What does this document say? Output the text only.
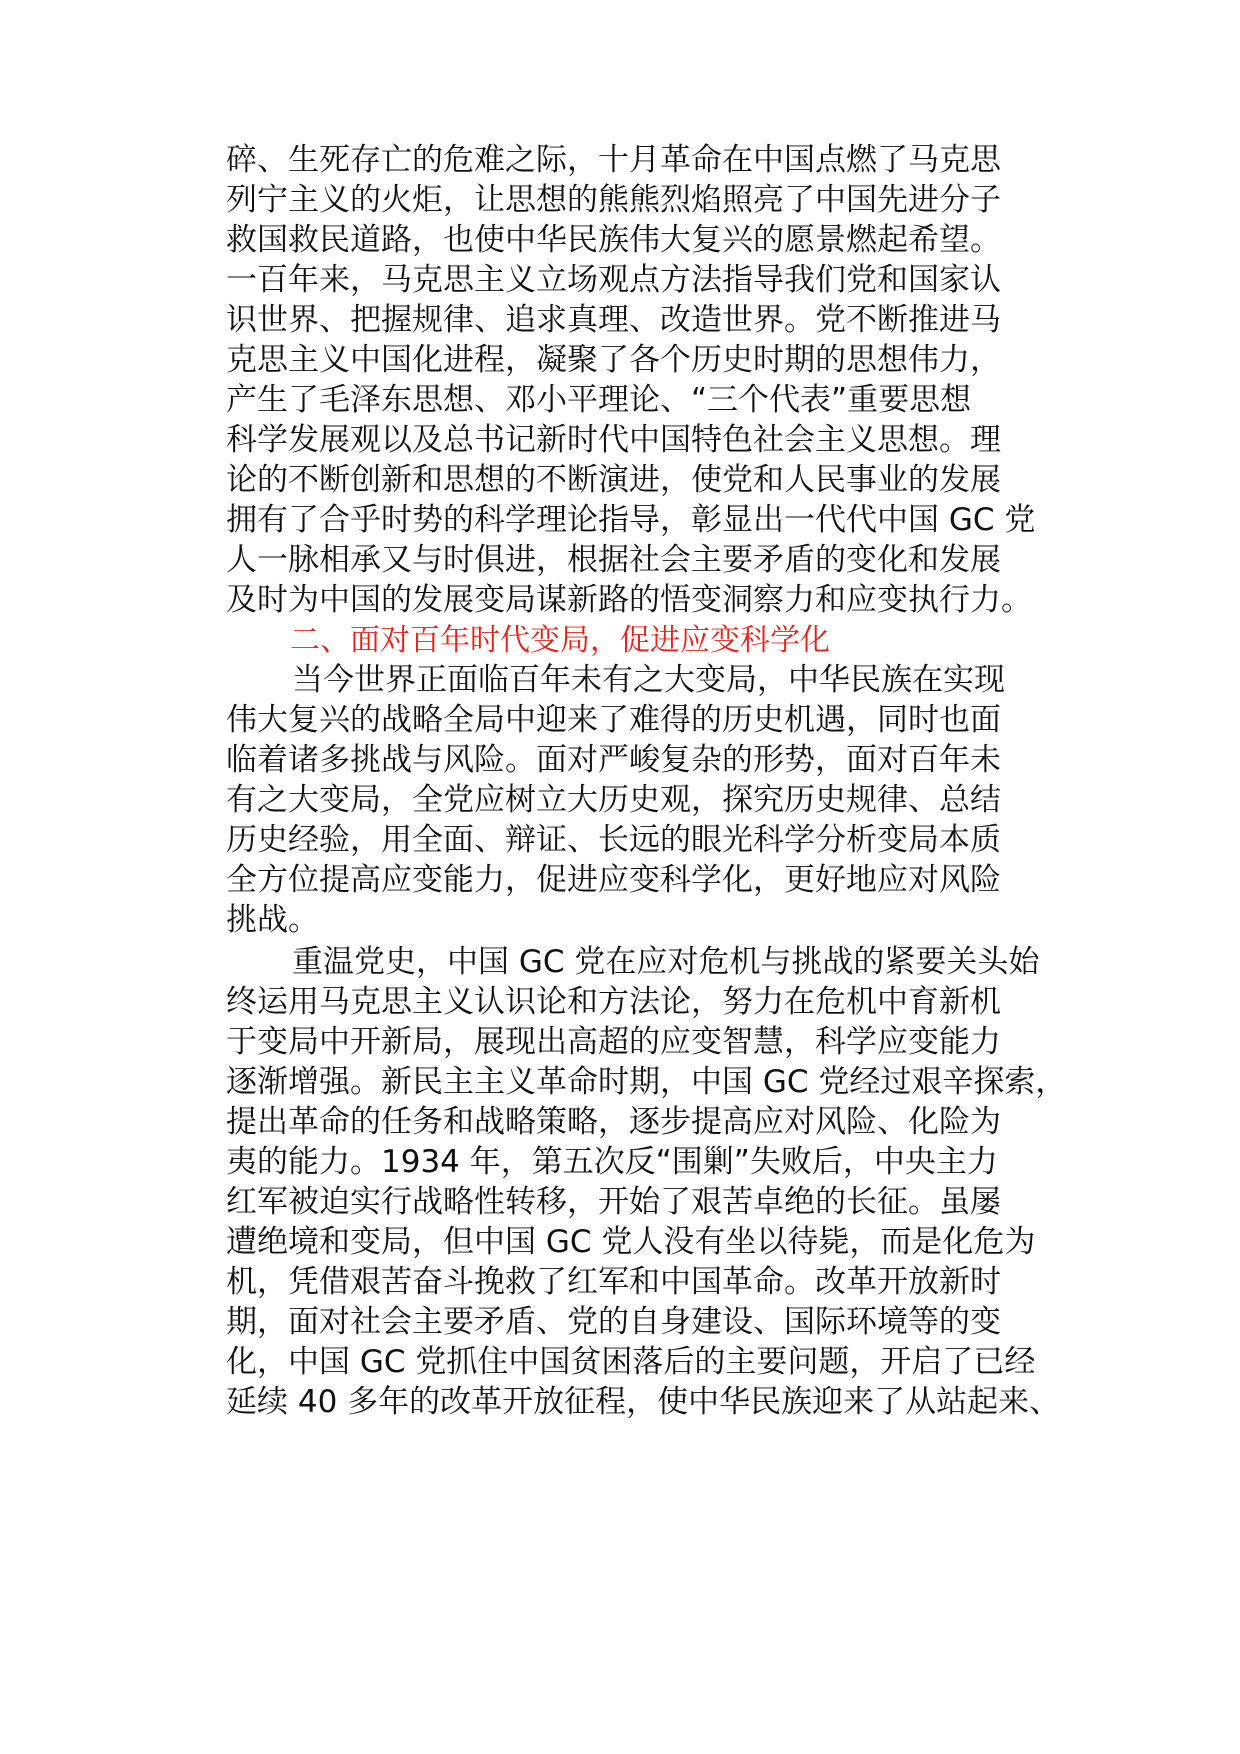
碎、生死存亡的危难之际，十月革命在中国点燃了马克思
列宁主义的火炬，让思想的熊熊烈焰照亮了中国先进分子
救国救民道路，也使中华民族伟大复兴的愿景燃起希望。
一百年来，马克思主义立场观点方法指导我们党和国家认
识世界、把握规律、追求真理、改造世界。党不断推进马
克思主义中国化进程，凝聚了各个历史时期的思想伟力，
产生了毛泽东思想、邓小平理论、“三个代表”重要思想
科学发展观以及总书记新时代中国特色社会主义思想。理
论的不断创新和思想的不断演进，使党和人民事业的发展
拥有了合乎时势的科学理论指导，彰显出一代代中国 GC 党
人一脉相承又与时俱进，根据社会主要矛盾的变化和发展
及时为中国的发展变局谋新路的悟变洞察力和应变执行力。
二、面对百年时代变局，促进应变科学化
当今世界正面临百年未有之大变局，中华民族在实现
伟大复兴的战略全局中迎来了难得的历史机遇，同时也面
临着诸多挑战与风险。面对严峻复杂的形势，面对百年未
有之大变局，全党应树立大历史观，探究历史规律、总结
历史经验，用全面、辩证、长远的眼光科学分析变局本质
全方位提高应变能力，促进应变科学化，更好地应对风险
挑战。
重温党史，中国 GC 党在应对危机与挑战的紧要关头始
终运用马克思主义认识论和方法论，努力在危机中育新机
于变局中开新局，展现出高超的应变智慧，科学应变能力
逐渐增强。新民主主义革命时期，中国 GC 党经过艰辛探索，
提出革命的任务和战略策略，逐步提高应对风险、化险为
夷的能力。1934 年，第五次反“围剿”失败后，中央主力
红军被迫实行战略性转移，开始了艰苦卓绝的长征。虽屡
遭绝境和变局，但中国 GC 党人没有坐以待毙，而是化危为
机，凭借艰苦奋斗挽救了红军和中国革命。改革开放新时
期，面对社会主要矛盾、党的自身建设、国际环境等的变
化，中国 GC 党抓住中国贫困落后的主要问题，开启了已经
延续 40 多年的改革开放征程，使中华民族迎来了从站起来、
